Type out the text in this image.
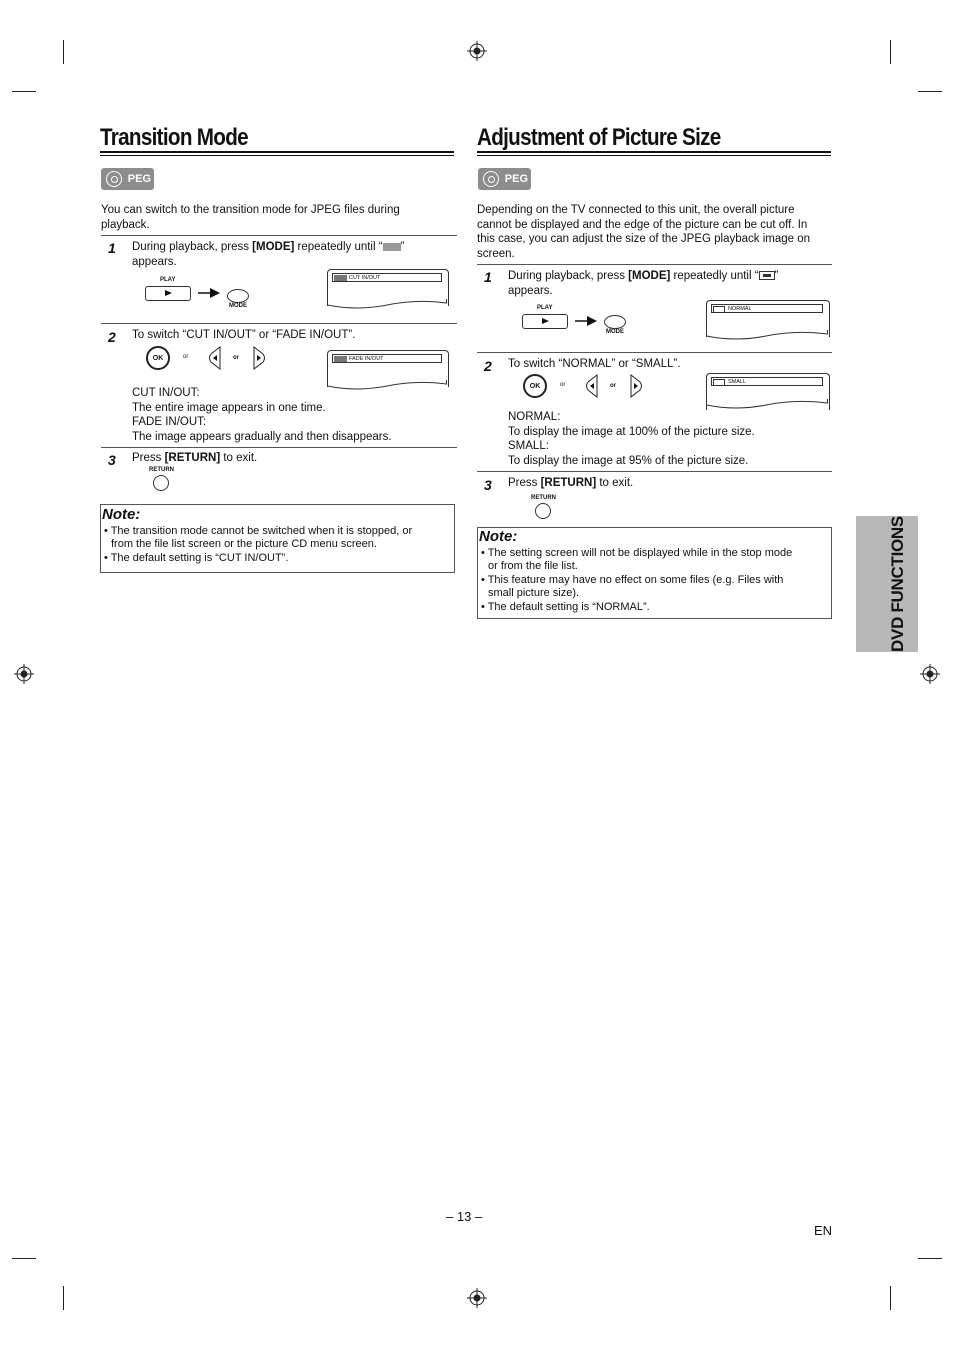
Transition Mode
PEG
You can switch to the transition mode for JPEG files during
playback.
1 During playback, press [MODE] repeatedly until “ ”
appears.
PLAY
MODE
CUT IN/OUT
2 To switch “CUT IN/OUT” or “FADE IN/OUT”.
OK	or	or	FADE IN/OUT
CUT IN/OUT:
The entire image appears in one time.
FADE IN/OUT:
The image appears gradually and then disappears.
3 Press [RETURN] to exit.
RETURN
Note:
• The transition mode cannot be switched when it is stopped, or
from the file list screen or the picture CD menu screen.
• The default setting is “CUT IN/OUT”.
Adjustment of Picture Size
PEG
Depending on the TV connected to this unit, the overall picture
cannot be displayed and the edge of the picture can be cut off. In
this case, you can adjust the size of the JPEG playback image on
screen.
1 During playback, press [MODE] repeatedly until “ ”
appears.
PLAY
MODE
NORMAL
2 To switch “NORMAL” or “SMALL”.
OK	or	or
SMALL
NORMAL:
To display the image at 100% of the picture size.
SMALL:
To display the image at 95% of the picture size.
3 Press [RETURN] to exit.
RETURN
Note:
• The setting screen will not be displayed while in the stop mode
or from the file list.
• This feature may have no effect on some files (e.g. Files with
small picture size).
• The default setting is “NORMAL”.	DVD FUNCTIONS
– 13 –
EN
